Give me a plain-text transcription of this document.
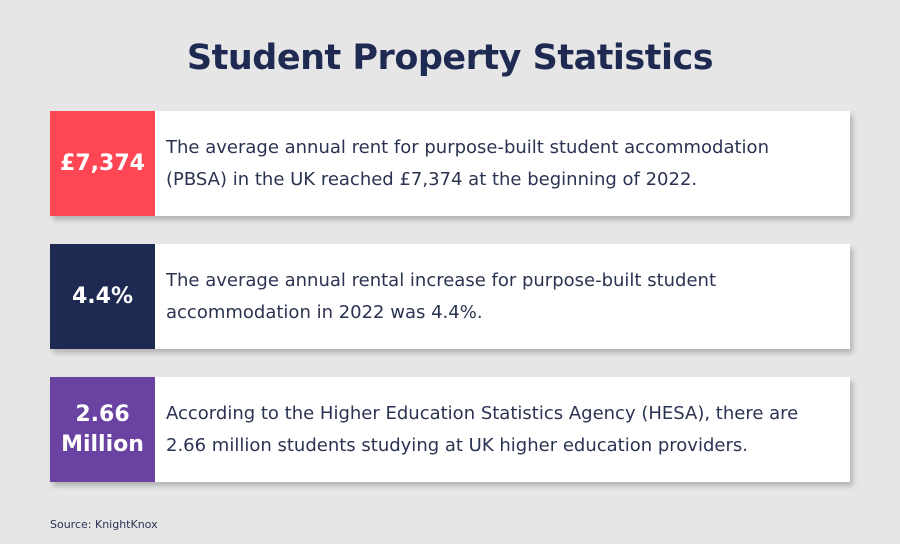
Student Property Statistics
£7,374
The average annual rent for purpose-built student accommodation (PBSA) in the UK reached £7,374 at the beginning of 2022.
4.4%
The average annual rental increase for purpose-built student accommodation in 2022 was 4.4%.
2.66
Million
According to the Higher Education Statistics Agency (HESA), there are 2.66 million students studying at UK higher education providers.
Source: KnightKnox
